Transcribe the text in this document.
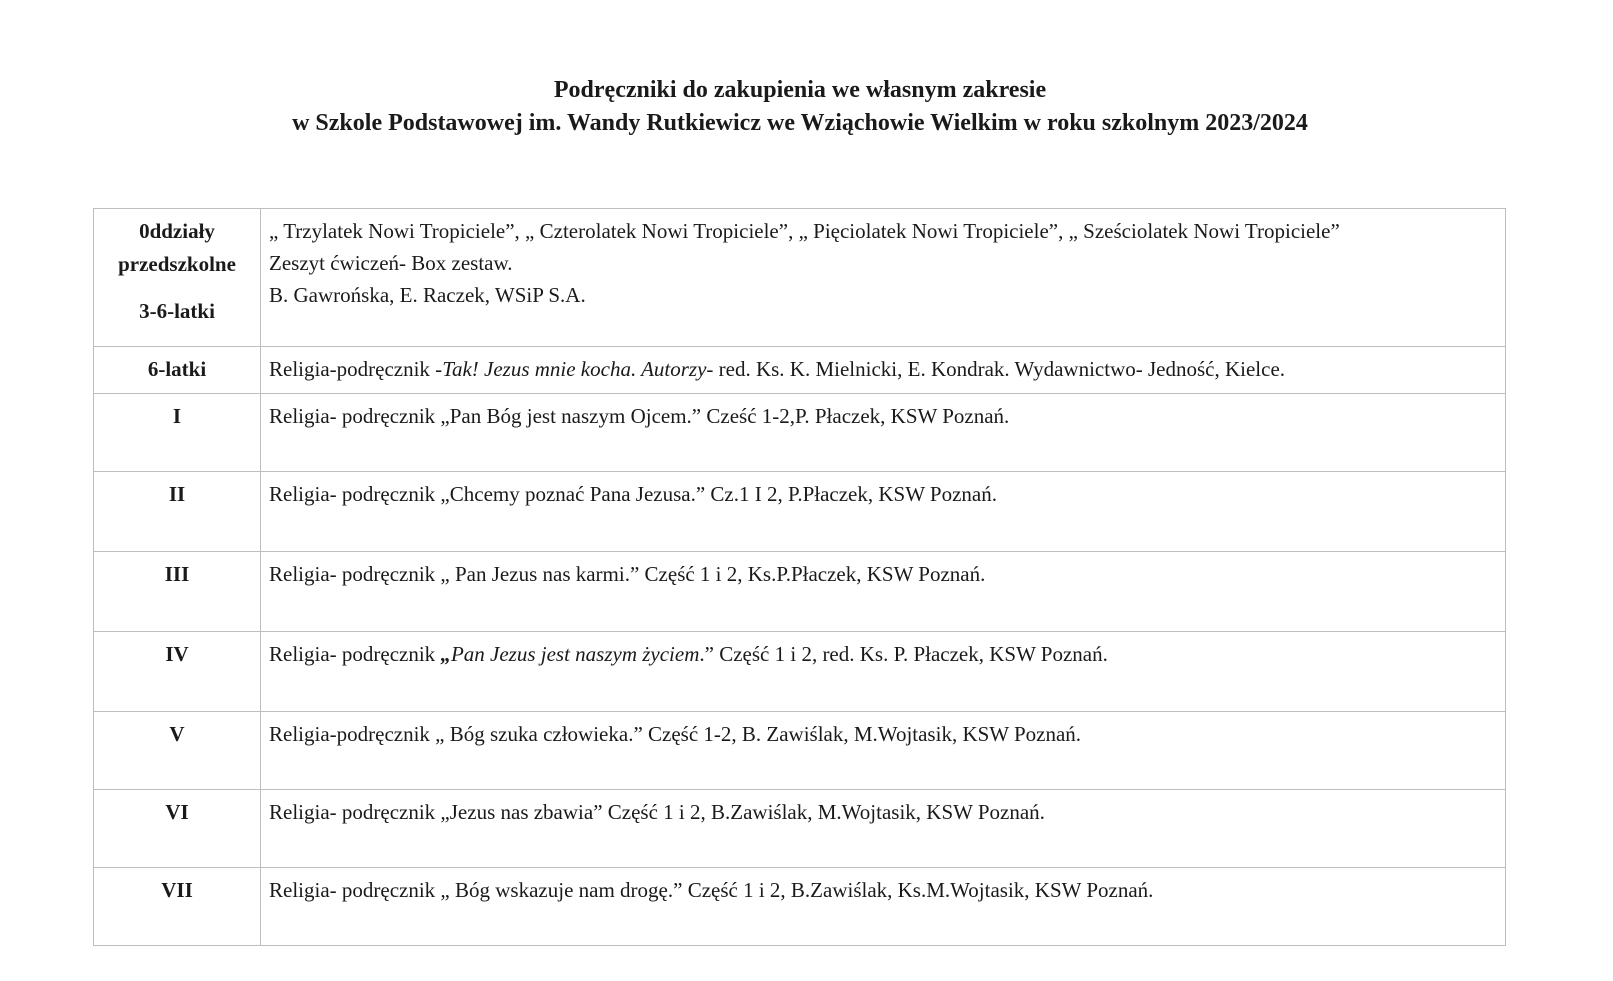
Podręczniki do zakupienia we własnym zakresie
w Szkole Podstawowej im. Wandy Rutkiewicz we Wziąchowie Wielkim w roku szkolnym 2023/2024
0ddziały
przedszkolne
3-6-latki	„ Trzylatek Nowi Tropiciele”, „ Czterolatek Nowi Tropiciele”, „ Pięciolatek Nowi Tropiciele”, „ Sześciolatek Nowi Tropiciele”
Zeszyt ćwiczeń- Box zestaw.
B. Gawrońska, E. Raczek, WSiP S.A.

6-latki	Religia-podręcznik -Tak! Jezus mnie kocha. Autorzy- red. Ks. K. Mielnicki, E. Kondrak. Wydawnictwo- Jedność, Kielce.

I	Religia- podręcznik „Pan Bóg jest naszym Ojcem.” Cześć 1-2,P. Płaczek, KSW Poznań.

II	Religia- podręcznik „Chcemy poznać Pana Jezusa.” Cz.1 I 2, P.Płaczek, KSW Poznań.

III	Religia- podręcznik „ Pan Jezus nas karmi.” Część 1 i 2, Ks.P.Płaczek, KSW Poznań.

IV	Religia- podręcznik „Pan Jezus jest naszym życiem.” Część 1 i 2, red. Ks. P. Płaczek, KSW Poznań.

V	Religia-podręcznik „ Bóg szuka człowieka.” Część 1-2, B. Zawiślak, M.Wojtasik, KSW Poznań.

VI	Religia- podręcznik „Jezus nas zbawia” Część 1 i 2, B.Zawiślak, M.Wojtasik, KSW Poznań.

VII	Religia- podręcznik „ Bóg wskazuje nam drogę.” Część 1 i 2, B.Zawiślak, Ks.M.Wojtasik, KSW Poznań.
